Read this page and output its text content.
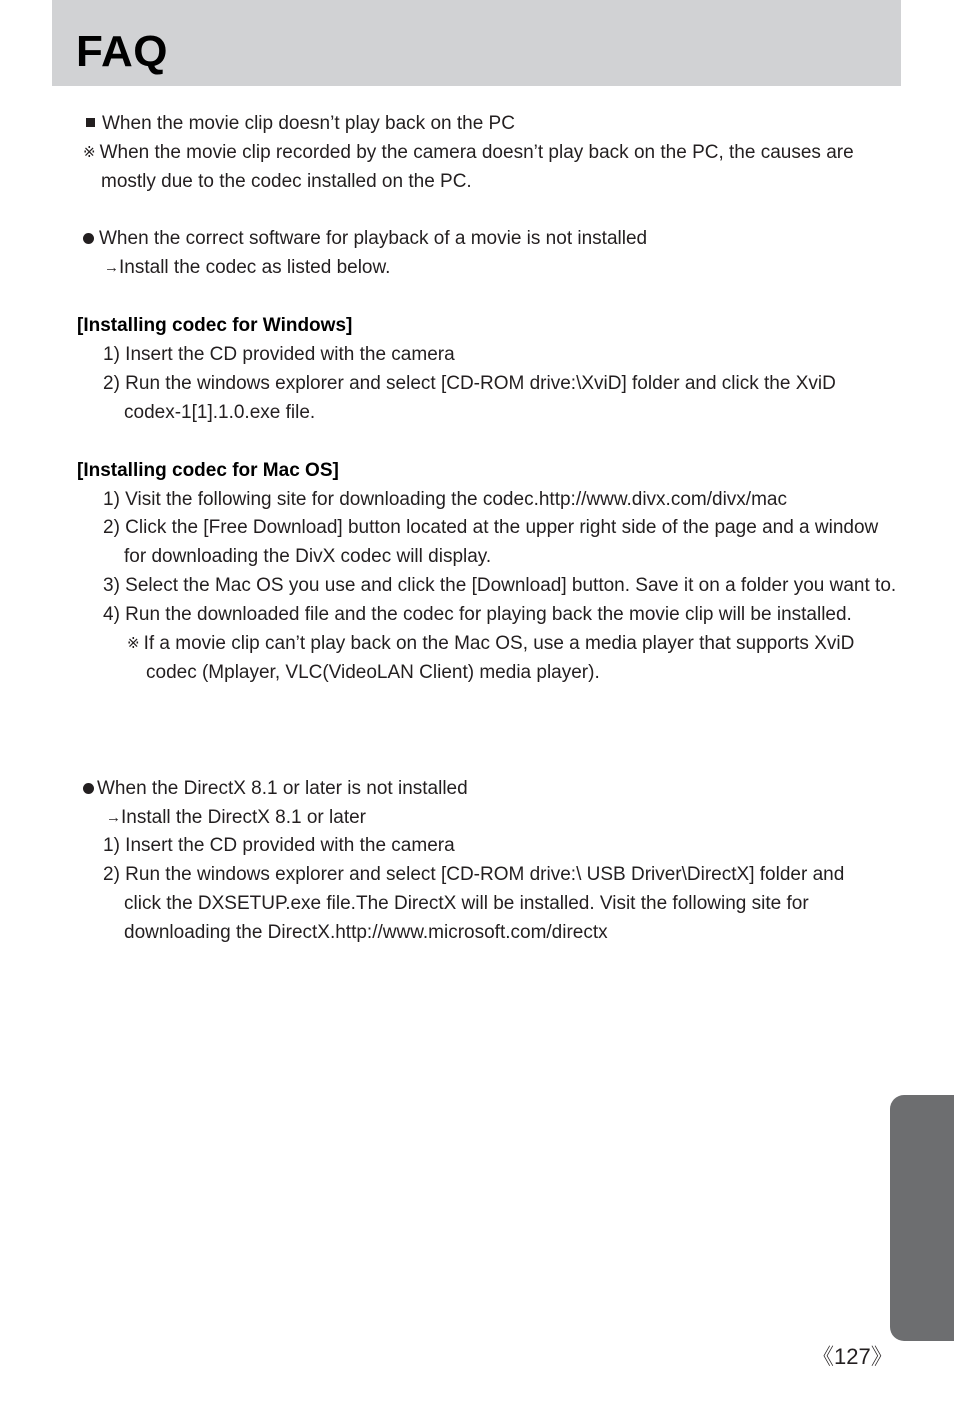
FAQ
When the movie clip doesn’t play back on the PC
※ When the movie clip recorded by the camera doesn’t play back on the PC, the causes are
mostly due to the codec installed on the PC.
When the correct software for playback of a movie is not installed
→Install the codec as listed below.
[Installing codec for Windows]
1) Insert the CD provided with the camera
2) Run the windows explorer and select [CD-ROM drive:\XviD] folder and click the XviD
codex-1[1].1.0.exe file.
[Installing codec for Mac OS]
1) Visit the following site for downloading the codec.http://www.divx.com/divx/mac
2) Click the [Free Download] button located at the upper right side of the page and a window
for downloading the DivX codec will display.
3) Select the Mac OS you use and click the [Download] button. Save it on a folder you want to.
4) Run the downloaded file and the codec for playing back the movie clip will be installed.
※ If a movie clip can’t play back on the Mac OS, use a media player that supports XviD
codec (Mplayer, VLC(VideoLAN Client) media player).
When the DirectX 8.1 or later is not installed
→Install the DirectX 8.1 or later
1) Insert the CD provided with the camera
2) Run the windows explorer and select [CD-ROM drive:\ USB Driver\DirectX] folder and
click the DXSETUP.exe file.The DirectX will be installed. Visit the following site for
downloading the DirectX.http://www.microsoft.com/directx
《127》
